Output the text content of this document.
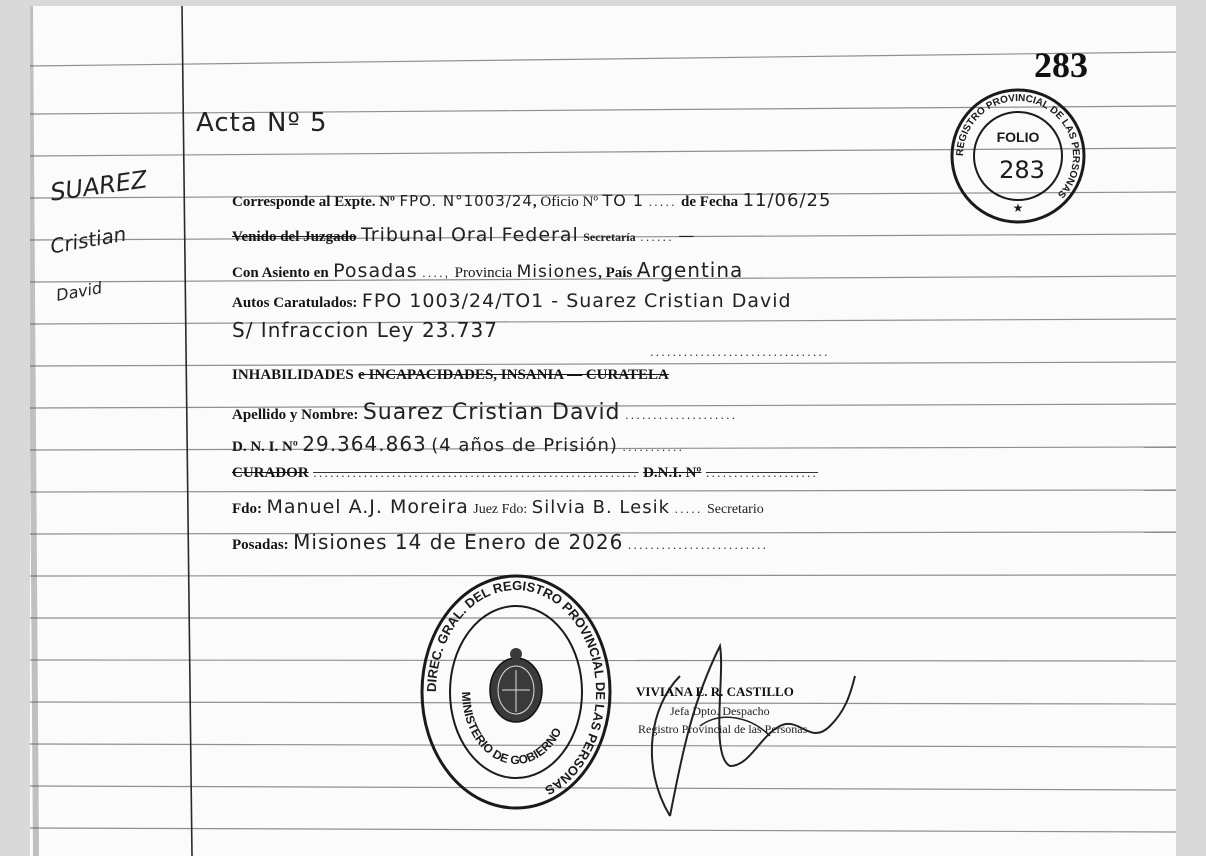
283
REGISTRO PROVINCIAL DE LAS PERSONAS
FOLIO
283
★
SUAREZ
Cristian
David
Acta Nº 5
Corresponde al Expte. Nº FPO. N°1003/24, Oficio Nº TO 1 ..... de Fecha 11/06/25
Venido del Juzgado Tribunal Oral Federal Secretaría ...... —
Con Asiento en Posadas ...., Provincia Misiones, País Argentina
Autos Caratulados: FPO 1003/24/TO1 - Suarez Cristian David
S/ Infraccion Ley 23.737
................................
INHABILIDADES e INCAPACIDADES, INSANIA — CURATELA
Apellido y Nombre: Suarez Cristian David ....................
D. N. I. Nº 29.364.863 (4 años de Prisión) ...........
CURADOR .......................................................... D.N.I. Nº ....................
Fdo: Manuel A.J. Moreira Juez Fdo: Silvia B. Lesik ..... Secretario
Posadas: Misiones 14 de Enero de 2026 .........................
DIREC. GRAL. DEL REGISTRO PROVINCIAL DE LAS PERSONAS
MINISTERIO DE GOBIERNO
VIVIANA E. R. CASTILLO
Jefa Dpto. Despacho
Registro Provincial de las Personas
